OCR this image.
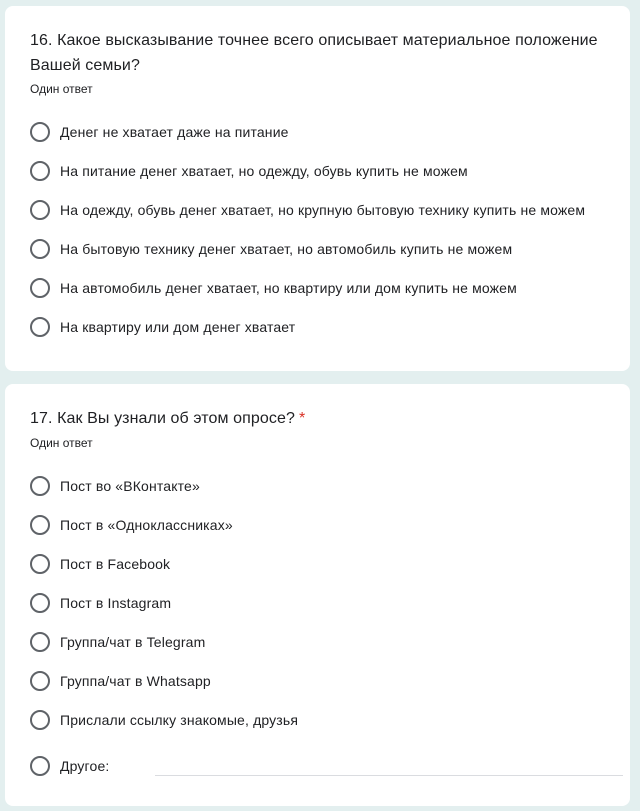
16. Какое высказывание точнее всего описывает материальное положение Вашей семьи?
Один ответ
Денег не хватает даже на питание
На питание денег хватает, но одежду, обувь купить не можем
На одежду, обувь денег хватает, но крупную бытовую технику купить не можем
На бытовую технику денег хватает, но автомобиль купить не можем
На автомобиль денег хватает, но квартиру или дом купить не можем
На квартиру или дом денег хватает
17. Как Вы узнали об этом опросе? *
Один ответ
Пост во «ВКонтакте»
Пост в «Одноклассниках»
Пост в Facebook
Пост в Instagram
Группа/чат в Telegram
Группа/чат в Whatsapp
Прислали ссылку знакомые, друзья
Другое:
